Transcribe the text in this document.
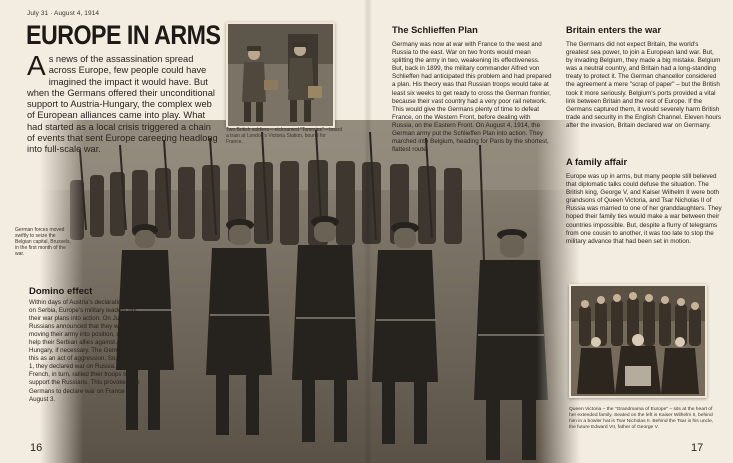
July 31 · August 4, 1914
EUROPE IN ARMS
As news of the assassination spread across Europe, few people could have imagined the impact it would have. But when the Germans offered their unconditional support to Austria-Hungary, the complex web of European alliances came into play. What had started as a local crisis triggered a chain of events that sent Europe careering headlong into full-scale war.
Two British soldiers – nicknamed "Tommies" – board a train at London's Victoria Station, bound for France.
German forces moved swiftly to seize the Belgian capital, Brussels, in the first month of the war.
Domino effect
Within days of Austria's declaration of war on Serbia, Europe's military leaders put their war plans into action. On July 31, the Russians announced that they were moving their army into position, ready to help their Serbian allies against Austria-Hungary, if necessary. The Germans saw this as an act of aggression. So, on August 1, they declared war on Russia. The French, in turn, rallied their troops to support the Russians. This provoked the Germans to declare war on France on August 3.
The Schlieffen Plan
Germany was now at war with France to the west and Russia to the east. War on two fronts would mean splitting the army in two, weakening its effectiveness. But, back in 1899, the military commander Alfred von Schlieffen had anticipated this problem and had prepared a plan. His theory was that Russian troops would take at least six weeks to get ready to cross the German frontier, because their vast country had a very poor rail network. This would give the Germans plenty of time to defeat France, on the Western Front, before dealing with Russia, on the Eastern Front. On August 4, 1914, the German army put the Schlieffen Plan into action. They marched into Belgium, heading for Paris by the shortest, flattest route.
Britain enters the war
The Germans did not expect Britain, the world's greatest sea power, to join a European land war. But, by invading Belgium, they made a big mistake. Belgium was a neutral country, and Britain had a long-standing treaty to protect it. The German chancellor considered the agreement a mere "scrap of paper" – but the British took it more seriously. Belgium's ports provided a vital link between Britain and the rest of Europe. If the Germans captured them, it would severely harm British trade and security in the English Channel. Eleven hours after the invasion, Britain declared war on Germany.
A family affair
Europe was up in arms, but many people still believed that diplomatic talks could defuse the situation. The British king, George V, and Kaiser Wilhelm II were both grandsons of Queen Victoria, and Tsar Nicholas II of Russia was married to one of her granddaughters. They hoped their family ties would make a war between their countries impossible. But, despite a flurry of telegrams from one cousin to another, it was too late to stop the military advance that had been set in motion.
Queen Victoria – the "Grandmama of Europe" – sits at the heart of her extended family. Seated on the left is Kaiser Wilhelm II, behind him in a bowler hat is Tsar Nicholas II. Behind the Tsar is his uncle, the future Edward VII, father of George V.
16	17
